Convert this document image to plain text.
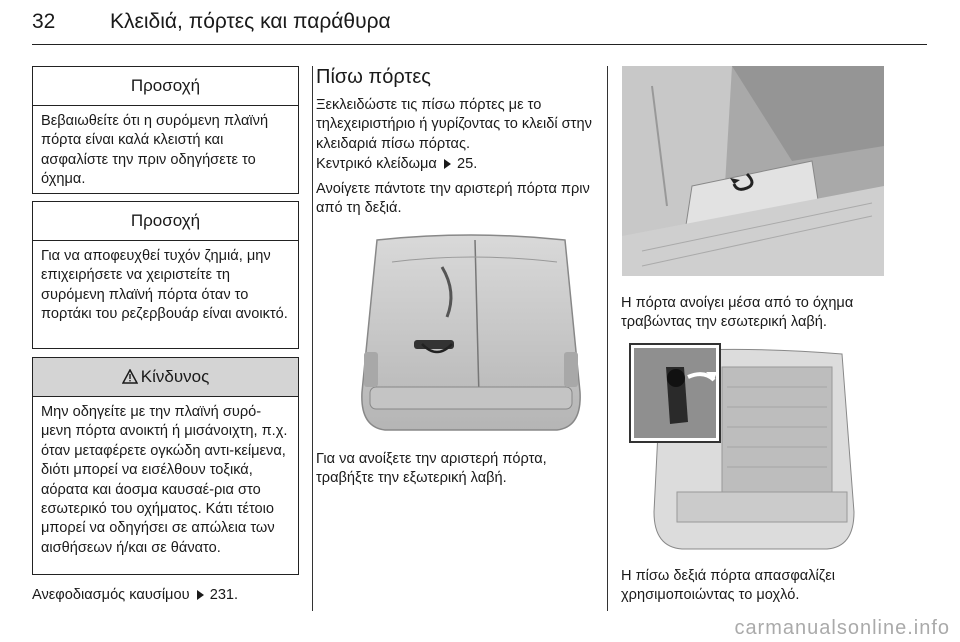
32	Κλειδιά, πόρτες και παράθυρα
Προσοχή
Βεβαιωθείτε ότι η συρόμενη πλαϊνή πόρτα είναι καλά κλειστή και ασφαλίστε την πριν οδηγήσετε το όχημα.
Προσοχή
Για να αποφευχθεί τυχόν ζημιά, μην επιχειρήσετε να χειριστείτε τη συρόμενη πλαϊνή πόρτα όταν το πορτάκι του ρεζερβουάρ είναι ανοικτό.
Κίνδυνος
Μην οδηγείτε με την πλαϊνή συρό-μενη πόρτα ανοικτή ή μισάνοιχτη, π.χ. όταν μεταφέρετε ογκώδη αντι-κείμενα, διότι μπορεί να εισέλθουν τοξικά, αόρατα και άοσμα καυσαέ-ρια στο εσωτερικό του οχήματος. Κάτι τέτοιο μπορεί να οδηγήσει σε απώλεια των αισθήσεων ή/και σε θάνατο.
Ανεφοδιασμός καυσίμου 231.
Πίσω πόρτες
Ξεκλειδώστε τις πίσω πόρτες με το τηλεχειριστήριο ή γυρίζοντας το κλειδί στην κλειδαριά πίσω πόρτας.
Κεντρικό κλείδωμα 25.
Ανοίγετε πάντοτε την αριστερή πόρτα πριν από τη δεξιά.
Για να ανοίξετε την αριστερή πόρτα, τραβήξτε την εξωτερική λαβή.
Η πόρτα ανοίγει μέσα από το όχημα τραβώντας την εσωτερική λαβή.
Η πίσω δεξιά πόρτα απασφαλίζει χρησιμοποιώντας το μοχλό.
carmanualsonline.info
